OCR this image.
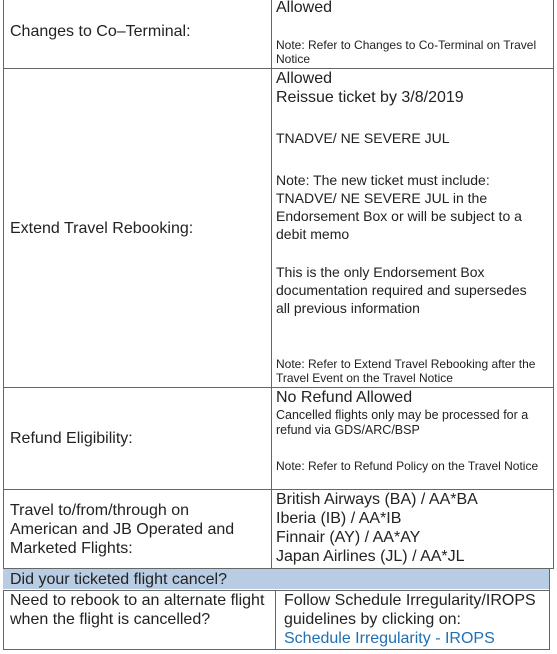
Changes to Co–Terminal:
Allowed
Note: Refer to Changes to Co-Terminal on Travel Notice
Extend Travel Rebooking:
Allowed
Reissue ticket by 3/8/2019
TNADVE/ NE SEVERE JUL
Note: The new ticket must include: TNADVE/ NE SEVERE JUL in the Endorsement Box or will be subject to a debit memo
This is the only Endorsement Box documentation required and supersedes all previous information
Note: Refer to Extend Travel Rebooking after the Travel Event on the Travel Notice
Refund Eligibility:
No Refund Allowed
Cancelled flights only may be processed for a refund via GDS/ARC/BSP
Note: Refer to Refund Policy on the Travel Notice
Travel to/from/through on American and JB Operated and Marketed Flights:
British Airways (BA) / AA*BA
Iberia (IB) / AA*IB
Finnair (AY) / AA*AY
Japan Airlines (JL) / AA*JL
Did your ticketed flight cancel?
Need to rebook to an alternate flight when the flight is cancelled?
Follow Schedule Irregularity/IROPS guidelines by clicking on:
Schedule Irregularity - IROPS
